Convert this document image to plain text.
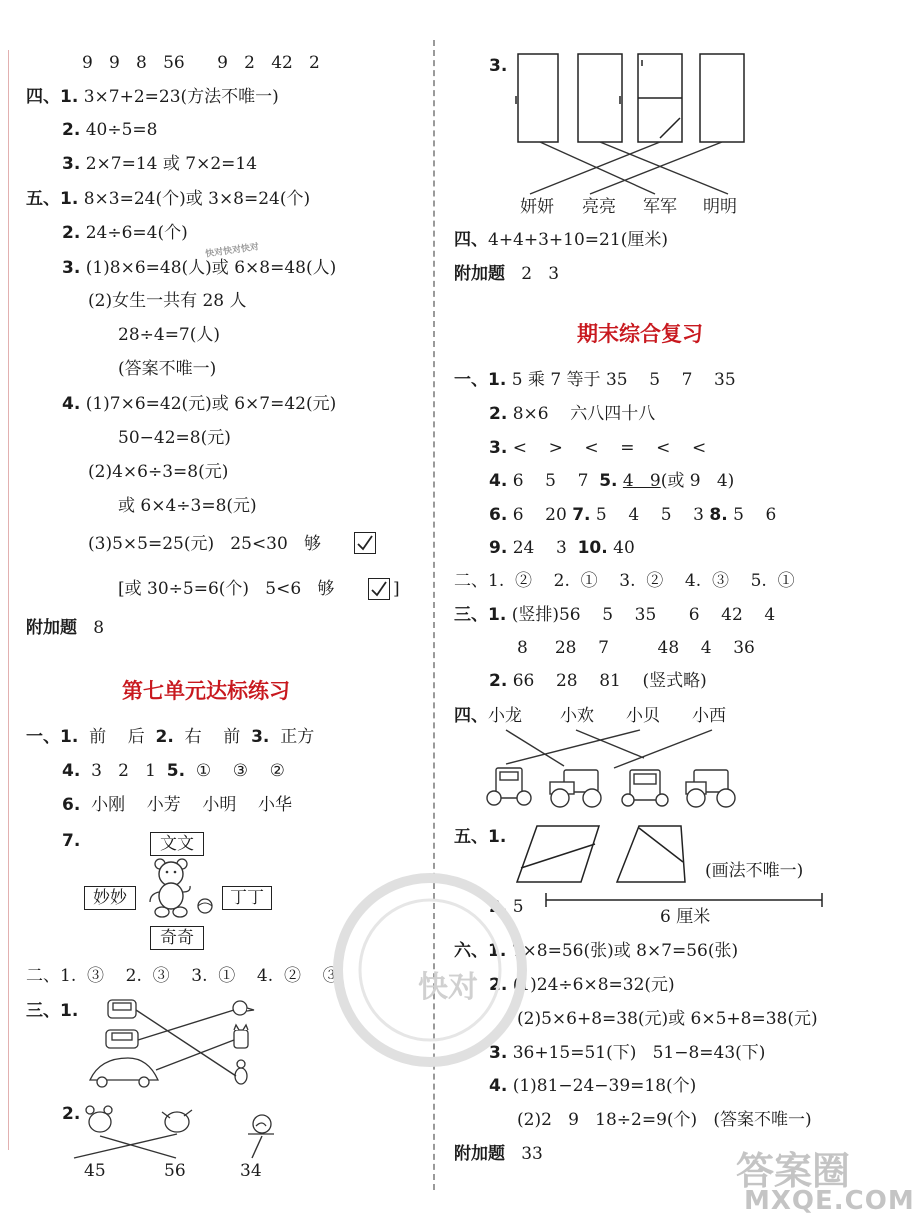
9   9   8   56      9   2   42   2
四、1. 3×7+2=23(方法不唯一)
2. 40÷5=8
3. 2×7=14 或 7×2=14
五、1. 8×3=24(个)或 3×8=24(个)
2. 24÷6=4(个)
3. (1)8×6=48(人)或 6×8=48(人)
(2)女生一共有 28 人
28÷4=7(人)
(答案不唯一)
4. (1)7×6=42(元)或 6×7=42(元)
50−42=8(元)
(2)4×6÷3=8(元)
或 6×4÷3=8(元)
(3)5×5=25(元)   25<30   够
[或 30÷5=6(个)   5<6   够	]
附加题 8
第七单元达标练习
一、1. 前    后 2. 右    前 3. 正方
4. 3   2   1 5. ①    ③    ②
6. 小刚    小芳    小明    小华
7.	文文
妙妙	丁丁
奇奇
二、1.  ③    2.  ③    3.  ①    4.  ②    ③
三、1.
2.
45	56	34
3.
妍妍 亮亮 军军 明明
四、4+4+3+10=21(厘米)
附加题 2   3
期末综合复习
一、1. 5 乘 7 等于 35    5    7    35
2. 8×6    六八四十八
3. <    >    <    =    <    <
4. 6    5    7 5. 4   9(或 9   4)
6. 6    20 7. 5    4    5    3 8. 5    6
9. 24    3 10. 40
二、1.  ②    2.  ①    3.  ②    4.  ③    5.  ①
三、1. (竖排)56    5    35      6    42    4
8     28    7         48    4    36
2. 66    28    81    (竖式略)
四、 小龙 小欢 小贝 小西
五、1.
(画法不唯一)
2. 5	6 厘米
六、1. 7×8=56(张)或 8×7=56(张)
2. (1)24÷6×8=32(元)
(2)5×6+8=38(元)或 6×5+8=38(元)
3. 36+15=51(下)   51−8=43(下)
4. (1)81−24−39=18(个)
(2)2   9   18÷2=9(个)   (答案不唯一)
附加题 33
快对
快对快对快对
答案圈
MXQE.COM
